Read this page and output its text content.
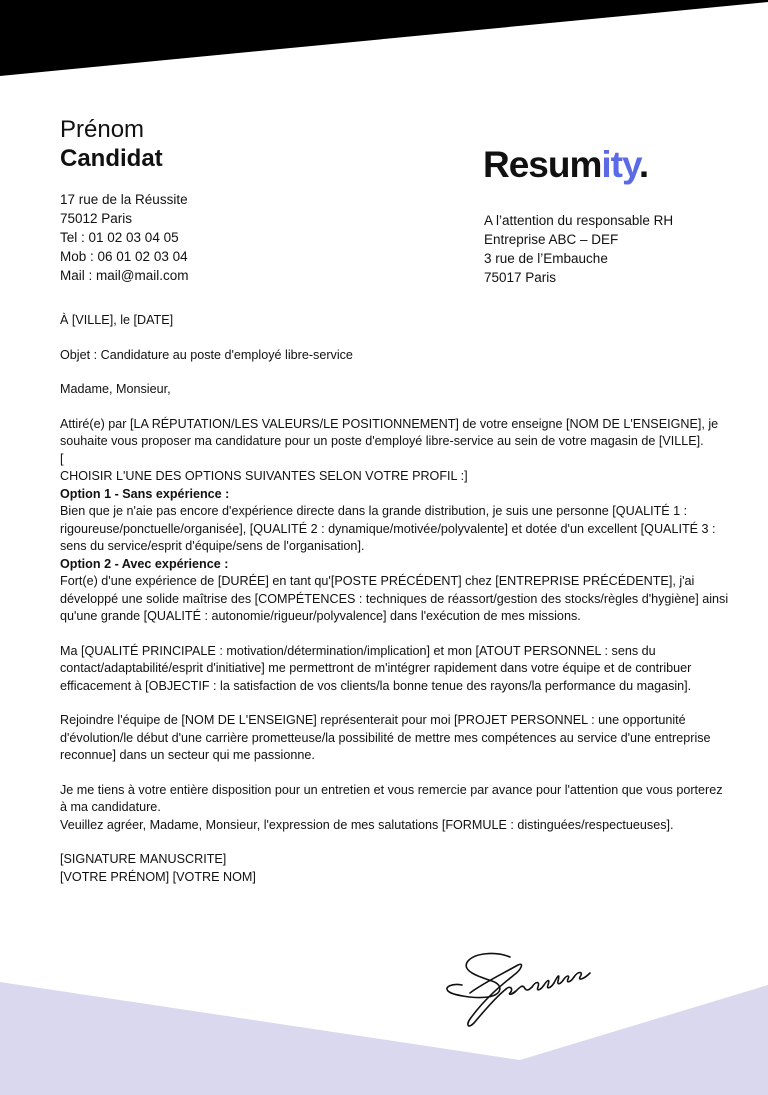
Prénom
Candidat
17 rue de la Réussite
75012 Paris
Tel : 01 02 03 04 05
Mob : 06 01 02 03 04
Mail : mail@mail.com
Resumity.
A l’attention du responsable RH
Entreprise ABC – DEF
3 rue de l’Embauche
75017 Paris

À [VILLE], le [DATE]

Objet : Candidature au poste d'employé libre-service

Madame, Monsieur,

Attiré(e) par [LA RÉPUTATION/LES VALEURS/LE POSITIONNEMENT] de votre enseigne [NOM DE L'ENSEIGNE], je souhaite vous proposer ma candidature pour un poste d'employé libre-service au sein de votre magasin de [VILLE].

[

CHOISIR L'UNE DES OPTIONS SUIVANTES SELON VOTRE PROFIL :]

Option 1 - Sans expérience :

Bien que je n'aie pas encore d'expérience directe dans la grande distribution, je suis une personne [QUALITÉ 1 : rigoureuse/ponctuelle/organisée], [QUALITÉ 2 : dynamique/motivée/polyvalente] et dotée d'un excellent [QUALITÉ 3 : sens du service/esprit d'équipe/sens de l'organisation].

Option 2 - Avec expérience :

Fort(e) d'une expérience de [DURÉE] en tant qu'[POSTE PRÉCÉDENT] chez [ENTREPRISE PRÉCÉDENTE], j'ai développé une solide maîtrise des [COMPÉTENCES : techniques de réassort/gestion des stocks/règles d'hygiène] ainsi qu'une grande [QUALITÉ : autonomie/rigueur/polyvalence] dans l'exécution de mes missions.

Ma [QUALITÉ PRINCIPALE : motivation/détermination/implication] et mon [ATOUT PERSONNEL : sens du contact/adaptabilité/esprit d'initiative] me permettront de m'intégrer rapidement dans votre équipe et de contribuer efficacement à [OBJECTIF : la satisfaction de vos clients/la bonne tenue des rayons/la performance du magasin].

Rejoindre l'équipe de [NOM DE L'ENSEIGNE] représenterait pour moi [PROJET PERSONNEL : une opportunité d'évolution/le début d'une carrière prometteuse/la possibilité de mettre mes compétences au service d'une entreprise reconnue] dans un secteur qui me passionne.

Je me tiens à votre entière disposition pour un entretien et vous remercie par avance pour l'attention que vous porterez à ma candidature.

Veuillez agréer, Madame, Monsieur, l'expression de mes salutations [FORMULE : distinguées/respectueuses].

[SIGNATURE MANUSCRITE]

[VOTRE PRÉNOM] [VOTRE NOM]
